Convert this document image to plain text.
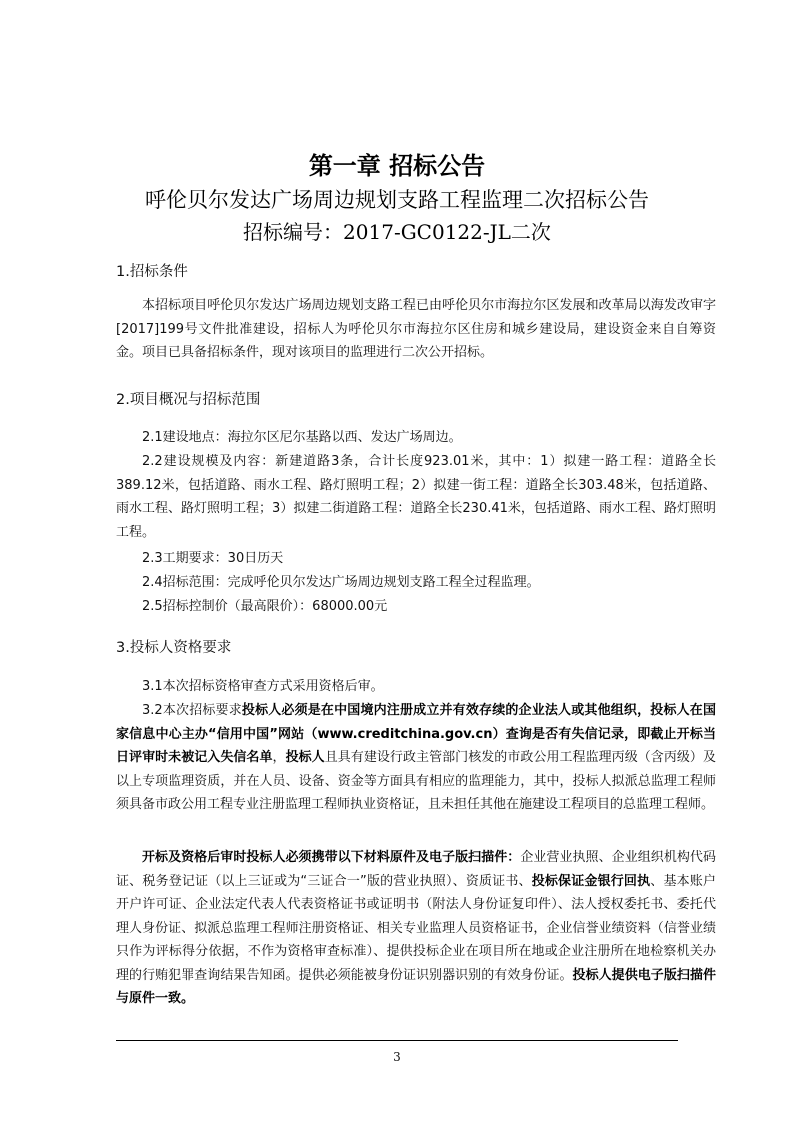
第一章 招标公告
呼伦贝尔发达广场周边规划支路工程监理二次招标公告
招标编号：2017-GC0122-JL二次
1.招标条件
本招标项目呼伦贝尔发达广场周边规划支路工程已由呼伦贝尔市海拉尔区发展和改革局以海发改审字[2017]199号文件批准建设，招标人为呼伦贝尔市海拉尔区住房和城乡建设局，建设资金来自自筹资金。项目已具备招标条件，现对该项目的监理进行二次公开招标。
2.项目概况与招标范围
2.1建设地点：海拉尔区尼尔基路以西、发达广场周边。
2.2建设规模及内容：新建道路3条，合计长度923.01米，其中：1）拟建一路工程：道路全长389.12米，包括道路、雨水工程、路灯照明工程；2）拟建一街工程：道路全长303.48米，包括道路、雨水工程、路灯照明工程；3）拟建二街道路工程：道路全长230.41米，包括道路、雨水工程、路灯照明工程。
2.3工期要求：30日历天
2.4招标范围：完成呼伦贝尔发达广场周边规划支路工程全过程监理。
2.5招标控制价（最高限价）：68000.00元
3.投标人资格要求
3.1本次招标资格审查方式采用资格后审。
3.2本次招标要求投标人必须是在中国境内注册成立并有效存续的企业法人或其他组织，投标人在国家信息中心主办“信用中国”网站（www.creditchina.gov.cn）查询是否有失信记录，即截止开标当日评审时未被记入失信名单，投标人且具有建设行政主管部门核发的市政公用工程监理丙级（含丙级）及以上专项监理资质，并在人员、设备、资金等方面具有相应的监理能力，其中，投标人拟派总监理工程师须具备市政公用工程专业注册监理工程师执业资格证，且未担任其他在施建设工程项目的总监理工程师。
开标及资格后审时投标人必须携带以下材料原件及电子版扫描件：企业营业执照、企业组织机构代码证、税务登记证（以上三证或为“三证合一”版的营业执照）、资质证书、投标保证金银行回执、基本账户开户许可证、企业法定代表人代表资格证书或证明书（附法人身份证复印件）、法人授权委托书、委托代理人身份证、拟派总监理工程师注册资格证、相关专业监理人员资格证书，企业信誉业绩资料（信誉业绩只作为评标得分依据，不作为资格审查标准）、提供投标企业在项目所在地或企业注册所在地检察机关办理的行贿犯罪查询结果告知函。提供必须能被身份证识别器识别的有效身份证。投标人提供电子版扫描件与原件一致。
3
